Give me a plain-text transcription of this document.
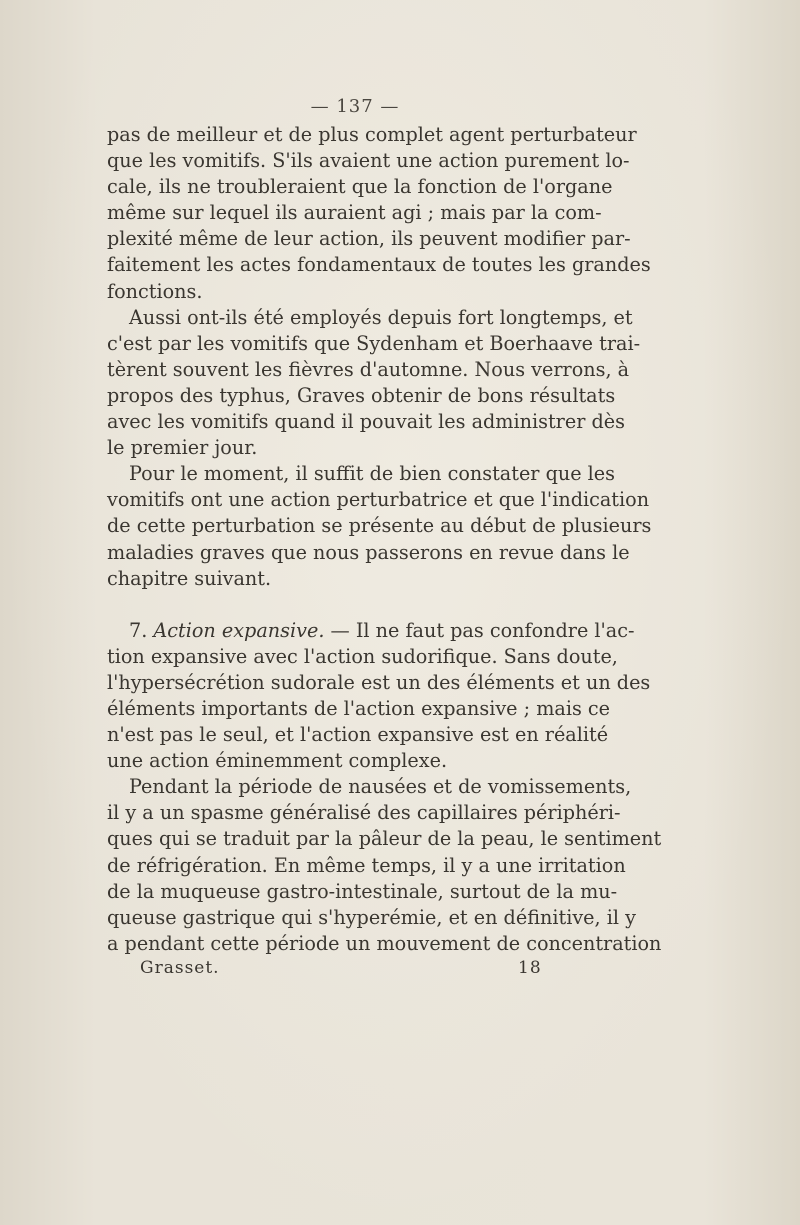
— 137 —

pas de meilleur et de plus complet agent perturbateur
que les vomitifs. S'ils avaient une action purement lo-
cale, ils ne troubleraient que la fonction de l'organe
même sur lequel ils auraient agi ; mais par la com-
plexité même de leur action, ils peuvent modifier par-
faitement les actes fondamentaux de toutes les grandes
fonctions.

Aussi ont-ils été employés depuis fort longtemps, et
c'est par les vomitifs que Sydenham et Boerhaave trai-
tèrent souvent les fièvres d'automne. Nous verrons, à
propos des typhus, Graves obtenir de bons résultats
avec les vomitifs quand il pouvait les administrer dès
le premier jour.

Pour le moment, il suffit de bien constater que les
vomitifs ont une action perturbatrice et que l'indication
de cette perturbation se présente au début de plusieurs
maladies graves que nous passerons en revue dans le
chapitre suivant.

7. Action expansive. — Il ne faut pas confondre l'ac-
tion expansive avec l'action sudorifique. Sans doute,
l'hypersécrétion sudorale est un des éléments et un des
éléments importants de l'action expansive ; mais ce
n'est pas le seul, et l'action expansive est en réalité
une action éminemment complexe.

Pendant la période de nausées et de vomissements,
il y a un spasme généralisé des capillaires périphéri-
ques qui se traduit par la pâleur de la peau, le sentiment
de réfrigération. En même temps, il y a une irritation
de la muqueuse gastro-intestinale, surtout de la mu-
queuse gastrique qui s'hyperémie, et en définitive, il y
a pendant cette période un mouvement de concentration

Grasset.	18
